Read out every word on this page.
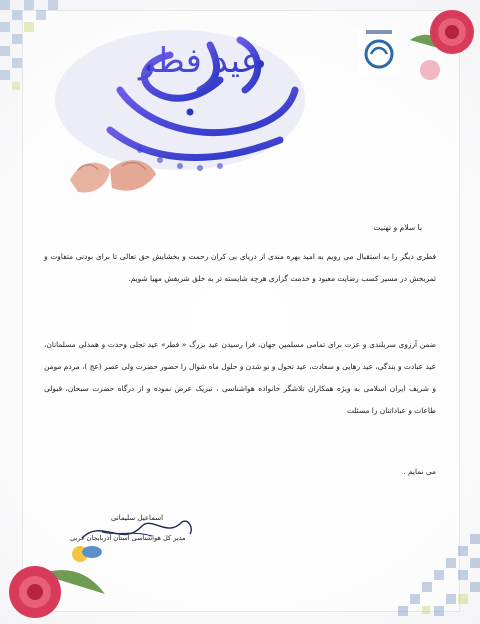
عید فطر
با سلام و تهنیت
فطری دیگر را به استقبال می رویم به امید بهره مندی از دریای بی کران رحمت و بخشایش حق تعالی تا برای بودنی متفاوت و ثمربخش در مسیر کسب رضایت معبود و خدمت گزاری هرچه شایسته تر به خلق شریفش مهیا شویم.
ضمن آرزوی سربلندی و عزت برای تمامی مسلمین جهان، فرا رسیدن عید بزرگ « فطر» عید تجلی وحدت و همدلی مسلمانان، عید عبادت و بندگی، عید رهایی و سعادت، عید تحول و نو شدن و حلول ماه شوال را حضور حضرت ولی عصر (عج )، مردم مومن و شریف ایران اسلامی به ویژه همکاران تلاشگر خانواده هواشناسی ، تبریک عرض نموده و از درگاه حضرت سبحان، قبولی طاعات و عباداتتان را مسئلت
می نمایم .
اسماعیل سلیمانی
مدیر کل هواشناسی استان آذربایجان غربی
